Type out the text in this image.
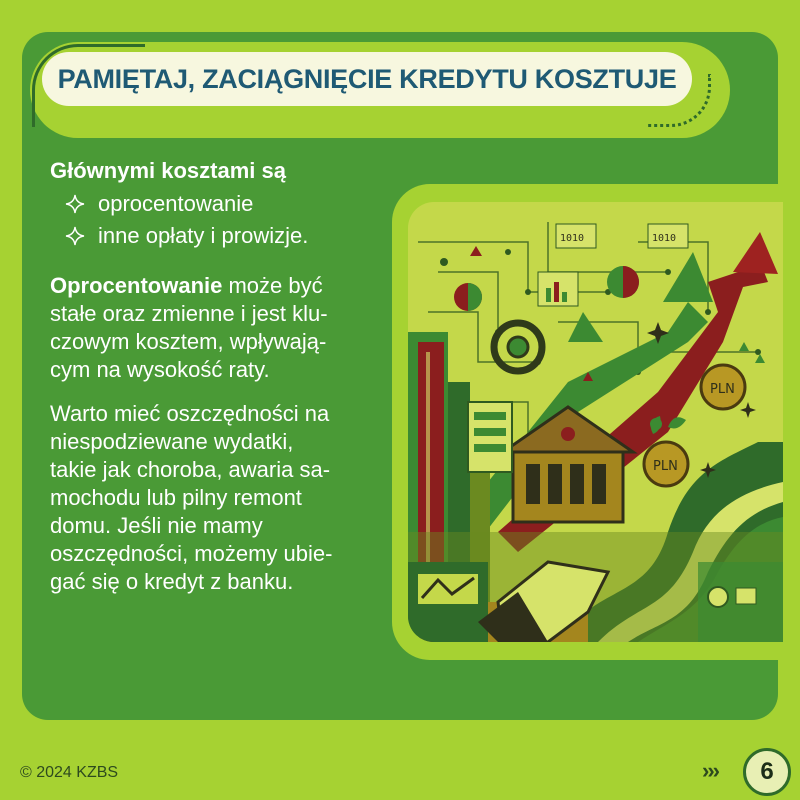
PAMIĘTAJ, ZACIĄGNIĘCIE KREDYTU KOSZTUJE
Głównymi kosztami są
oprocentowanie
inne opłaty i prowizje.

Oprocentowanie może być
stałe oraz zmienne i jest klu-
czowym kosztem, wpływają-
cym na wysokość raty.

Warto mieć oszczędności na
niespodziewane wydatki,
takie jak choroba, awaria sa-
mochodu lub pilny remont
domu. Jeśli nie mamy
oszczędności, możemy ubie-
gać się o kredyt z banku.

1010	1010
PLN
PLN
© 2024 KZBS	›››	6
